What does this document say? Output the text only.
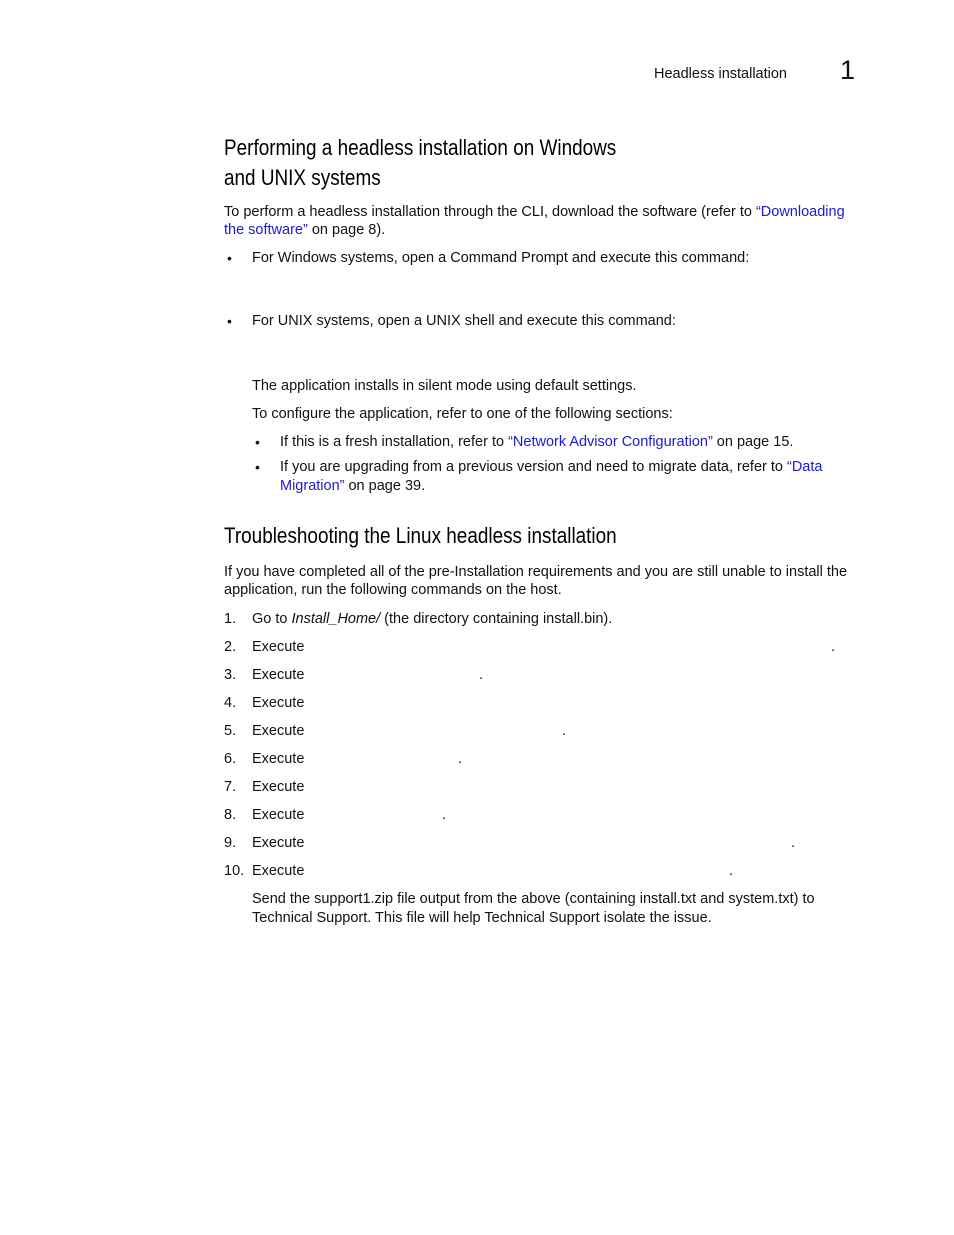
Headless installation 1
Performing a headless installation on Windows
and UNIX systems
To perform a headless installation through the CLI, download the software (refer to “Downloading
the software” on page 8).
• For Windows systems, open a Command Prompt and execute this command:
• For UNIX systems, open a UNIX shell and execute this command:
The application installs in silent mode using default settings.
To configure the application, refer to one of the following sections:
• If this is a fresh installation, refer to “Network Advisor Configuration” on page 15.
• If you are upgrading from a previous version and need to migrate data, refer to “Data
Migration” on page 39.
Troubleshooting the Linux headless installation
If you have completed all of the pre-Installation requirements and you are still unable to install the
application, run the following commands on the host.
1.	Go to Install_Home/ (the directory containing install.bin).
2.	Execute	.
3.	Execute	.
4.	Execute
5.	Execute	.
6.	Execute	.
7.	Execute
8.	Execute	.
9.	Execute	.
10. Execute	.
Send the support1.zip file output from the above (containing install.txt and system.txt) to
Technical Support. This file will help Technical Support isolate the issue.
